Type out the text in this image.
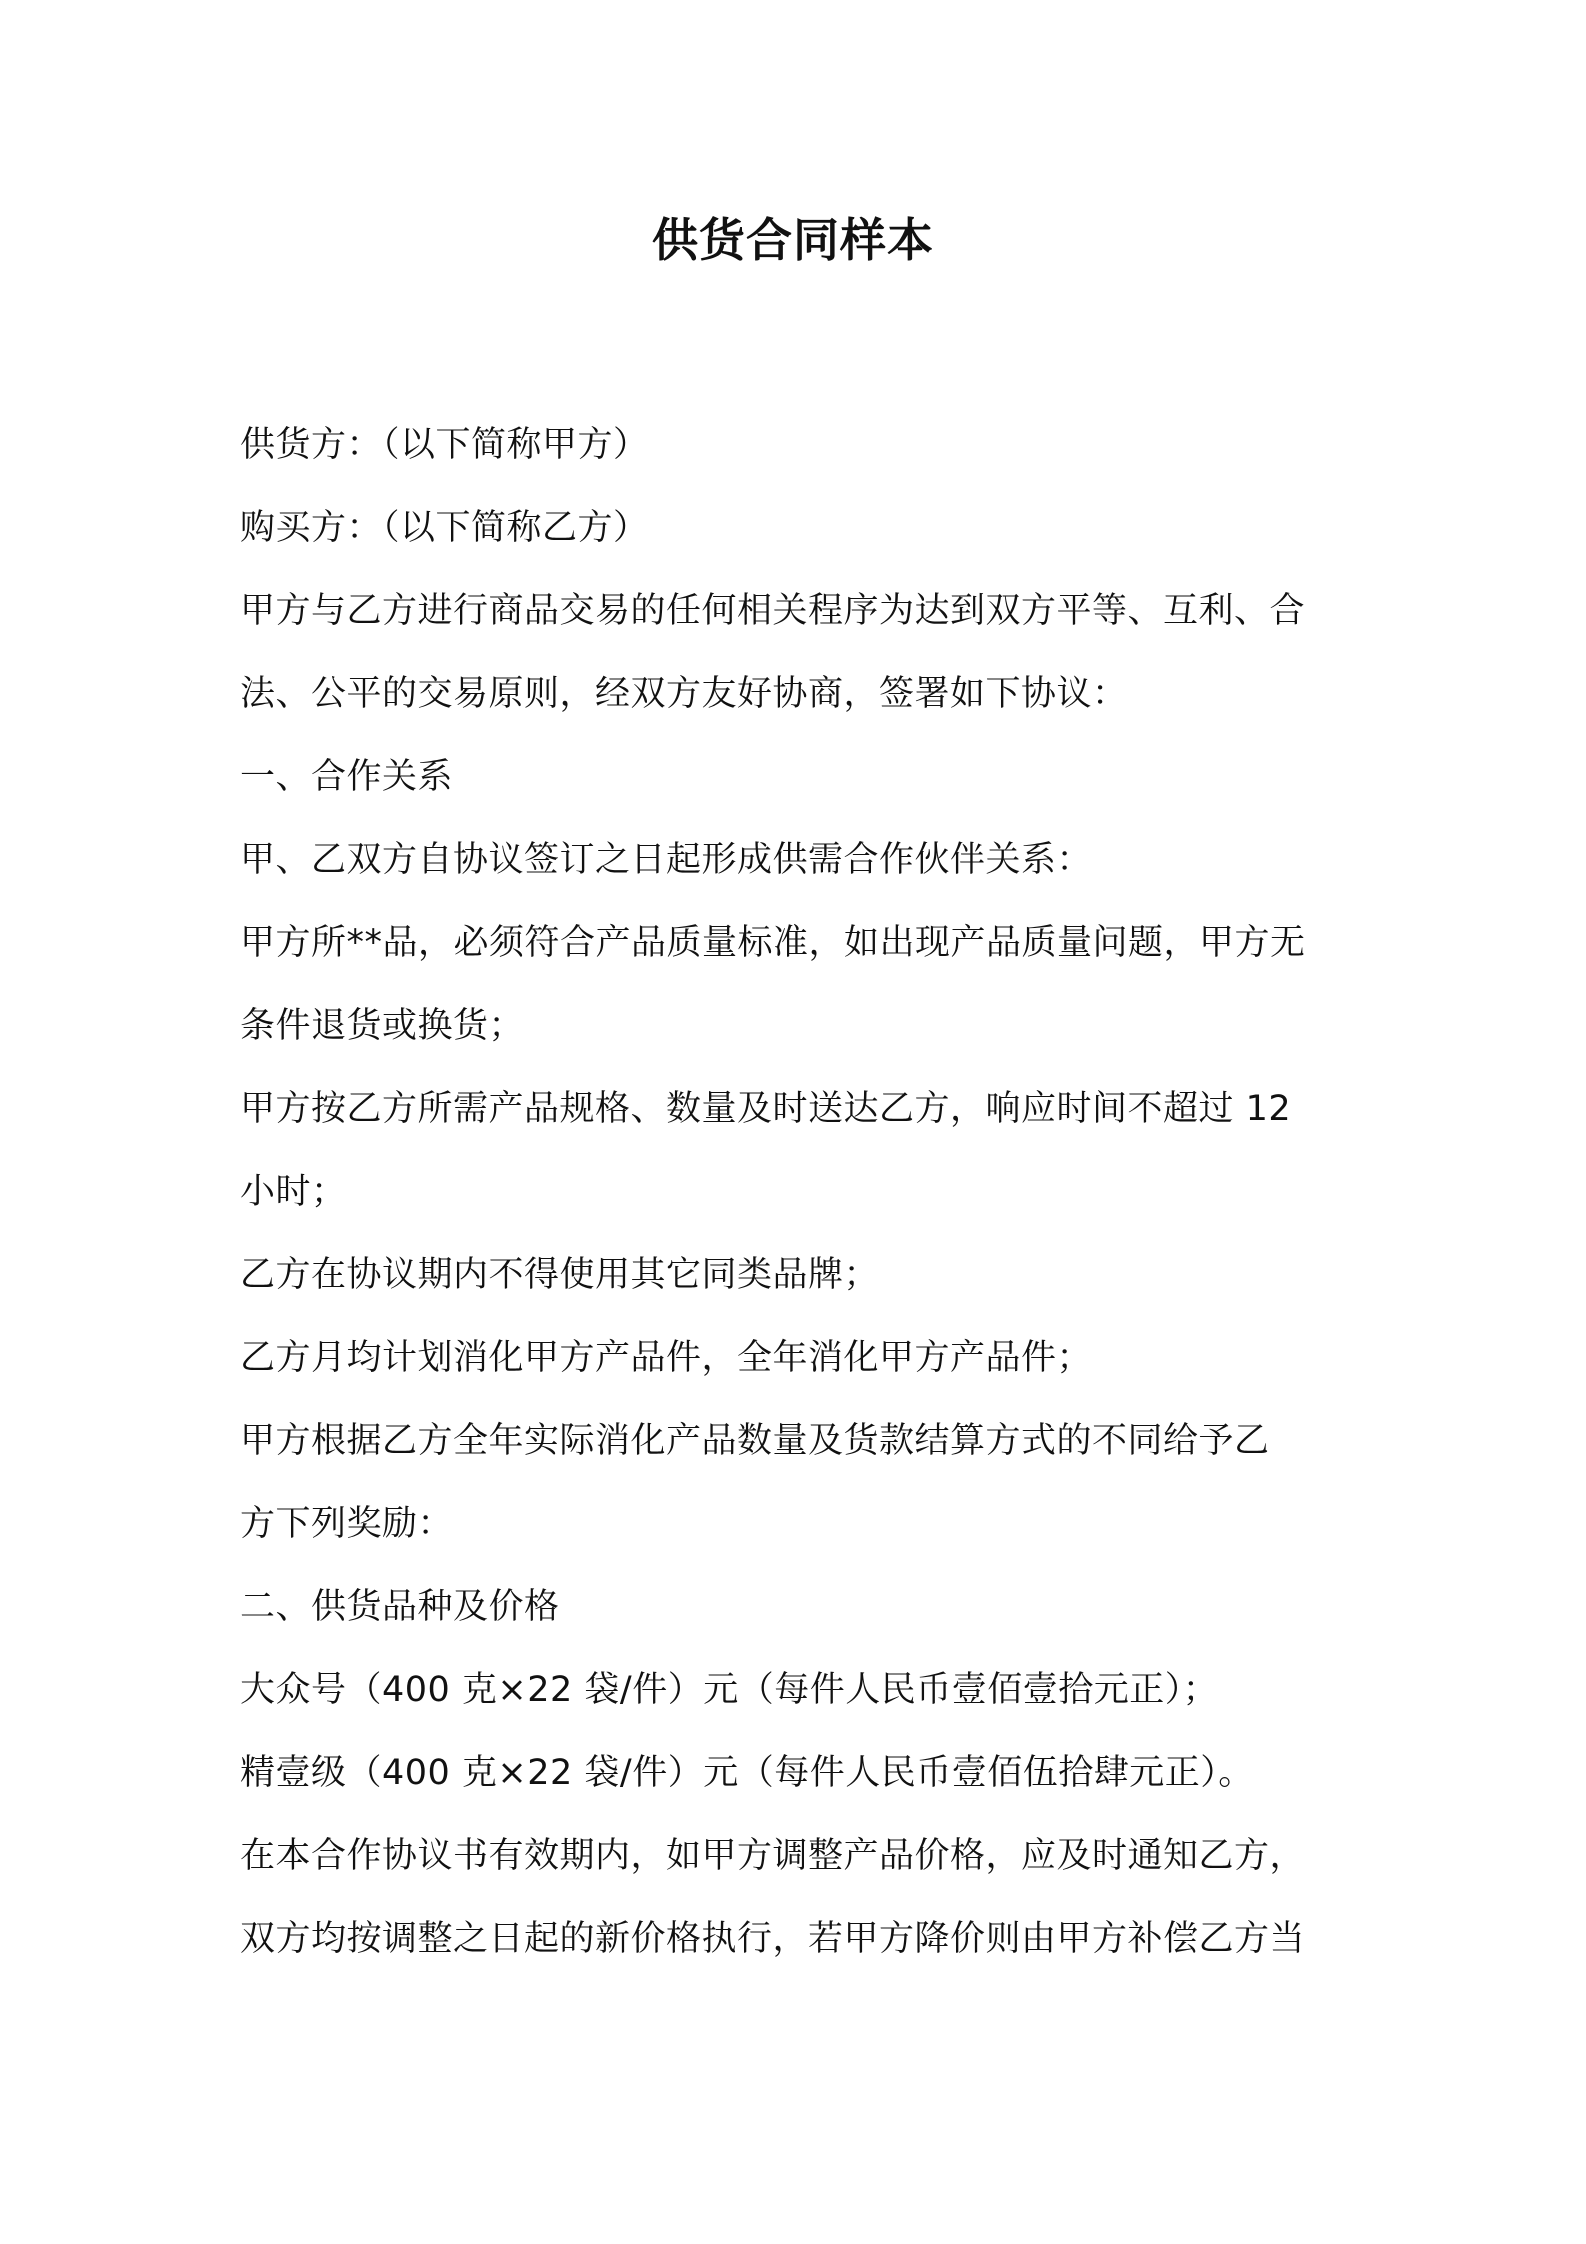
供货合同样本
供货方：（以下简称甲方）
购买方：（以下简称乙方）
甲方与乙方进行商品交易的任何相关程序为达到双方平等、互利、合
法、公平的交易原则，经双方友好协商，签署如下协议：
一、合作关系
甲、乙双方自协议签订之日起形成供需合作伙伴关系：
甲方所**品，必须符合产品质量标准，如出现产品质量问题，甲方无
条件退货或换货；
甲方按乙方所需产品规格、数量及时送达乙方，响应时间不超过 12
小时；
乙方在协议期内不得使用其它同类品牌；
乙方月均计划消化甲方产品件，全年消化甲方产品件；
甲方根据乙方全年实际消化产品数量及货款结算方式的不同给予乙
方下列奖励：
二、供货品种及价格
大众号（400 克×22 袋/件）元（每件人民币壹佰壹拾元正）；
精壹级（400 克×22 袋/件）元（每件人民币壹佰伍拾肆元正）。
在本合作协议书有效期内，如甲方调整产品价格，应及时通知乙方，
双方均按调整之日起的新价格执行，若甲方降价则由甲方补偿乙方当
